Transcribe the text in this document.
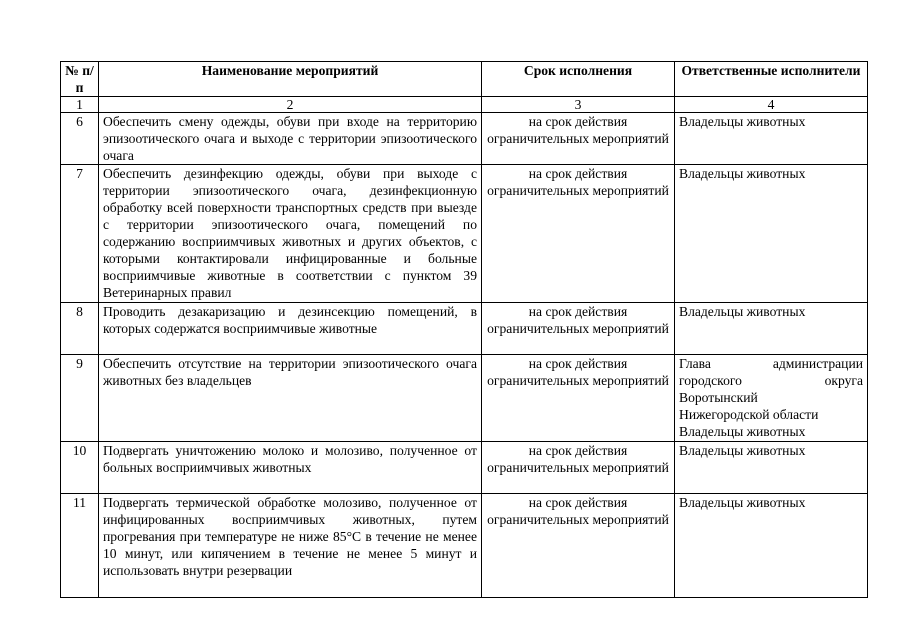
№ п/п	Наименование мероприятий	Срок исполнения	Ответственные исполнители
1	2	3	4
6	Обеспечить смену одежды, обуви при входе на территорию эпизоотического очага и выходе с территории эпизоотического очага	на срок действия ограничительных мероприятий	Владельцы животных

7	Обеспечить дезинфекцию одежды, обуви при выходе с территории эпизоотического очага, дезинфекционную обработку всей поверхности транспортных средств при выезде с территории эпизоотического очага, помещений по содержанию восприимчивых животных и других объектов, с которыми контактировали инфицированные и больные восприимчивые животные в соответствии с пунктом 39 Ветеринарных правил	на срок действия ограничительных мероприятий	Владельцы животных

8	Проводить дезакаризацию и дезинсекцию помещений, в которых содержатся восприимчивые животные	на срок действия ограничительных мероприятий	Владельцы животных

9	Обеспечить отсутствие на территории эпизоотического очага животных без владельцев	на срок действия ограничительных мероприятий	Глава администрации городского округа
Воротынский
Нижегородской области
Владельцы животных

10	Подвергать уничтожению молоко и молозиво, полученное от больных восприимчивых животных	на срок действия ограничительных мероприятий	Владельцы животных

11	Подвергать термической обработке молозиво, полученное от инфицированных восприимчивых животных, путем прогревания при температуре не ниже 85°С в течение не менее 10 минут, или кипячением в течение не менее 5 минут и использовать внутри резервации	на срок действия ограничительных мероприятий	Владельцы животных
